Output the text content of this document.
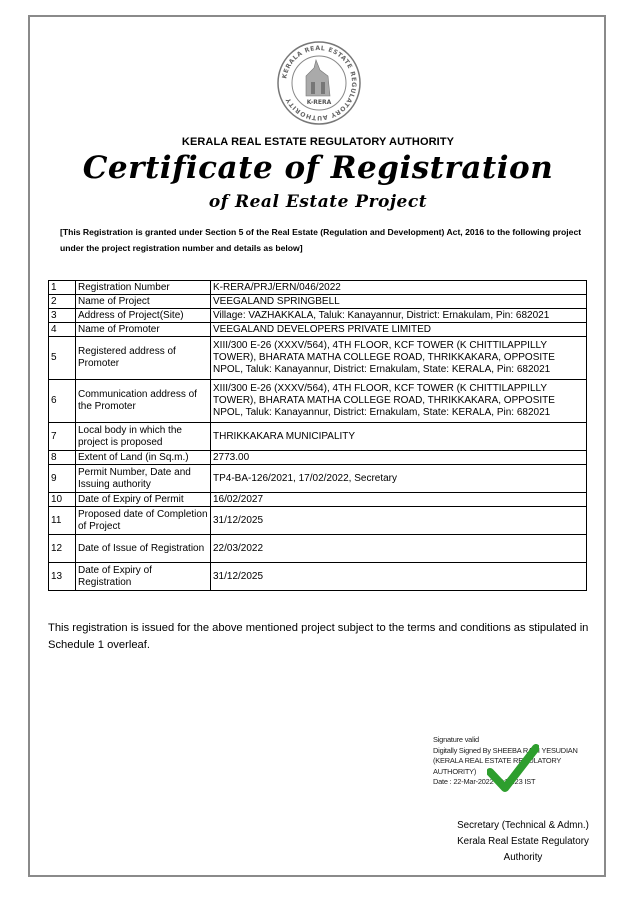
KERALA REAL ESTATE REGULATORY AUTHORITY	K-RERA
KERALA REAL ESTATE REGULATORY AUTHORITY
Certificate of Registration
of Real Estate Project
[This Registration is granted under Section 5 of the Real Estate (Regulation and Development) Act, 2016 to the following project under the project registration number and details as below]
1	Registration Number	K-RERA/PRJ/ERN/046/2022
2	Name of Project	VEEGALAND SPRINGBELL
3	Address of Project(Site)	Village: VAZHAKKALA, Taluk: Kanayannur, District: Ernakulam, Pin: 682021
4	Name of Promoter	VEEGALAND DEVELOPERS PRIVATE LIMITED
5	Registered address of Promoter	XIII/300 E-26 (XXXV/564), 4TH FLOOR, KCF TOWER (K CHITTILAPPILLY TOWER), BHARATA MATHA COLLEGE ROAD, THRIKKAKARA, OPPOSITE NPOL, Taluk: Kanayannur, District: Ernakulam, State: KERALA, Pin: 682021
6	Communication address of the Promoter	XIII/300 E-26 (XXXV/564), 4TH FLOOR, KCF TOWER (K CHITTILAPPILLY TOWER), BHARATA MATHA COLLEGE ROAD, THRIKKAKARA, OPPOSITE NPOL, Taluk: Kanayannur, District: Ernakulam, State: KERALA, Pin: 682021
7	Local body in which the project is proposed	THRIKKAKARA MUNICIPALITY
8	Extent of Land (in Sq.m.)	2773.00
9	Permit Number, Date and Issuing authority	TP4-BA-126/2021, 17/02/2022, Secretary
10	Date of Expiry of Permit	16/02/2027
11	Proposed date of Completion of Project	31/12/2025
12	Date of Issue of Registration	22/03/2022
13	Date of Expiry of Registration	31/12/2025
This registration is issued for the above mentioned project subject to the terms and conditions as stipulated in Schedule 1 overleaf.
Signature valid
Digitally Signed By SHEEBA RANI YESUDIAN
(KERALA REAL ESTATE REGULATORY
AUTHORITY)
Date : 22-Mar-2022 10:57:23 IST
Secretary (Technical & Admn.)
Kerala Real Estate Regulatory
Authority
